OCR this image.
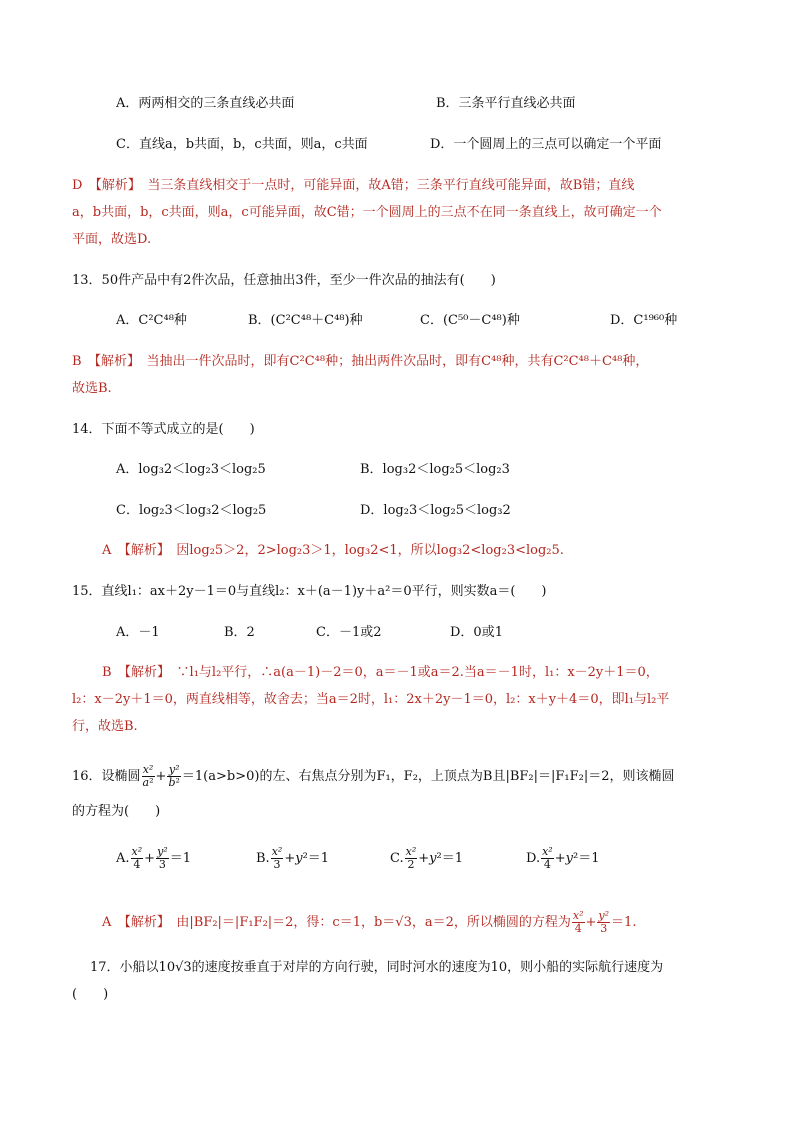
A．两两相交的三条直线必共面	B．三条平行直线必共面
C．直线a，b共面，b，c共面，则a，c共面	D．一个圆周上的三点可以确定一个平面
D　【解析】　当三条直线相交于一点时，可能异面，故A错；三条平行直线可能异面，故B错；直线
a，b共面，b，c共面，则a，c可能异面，故C错；一个圆周上的三点不在同一条直线上，故可确定一个
平面，故选D.
13．50件产品中有2件次品，任意抽出3件，至少一件次品的抽法有(　　)
A．C²C⁴⁸种	B．(C²C⁴⁸＋C⁴⁸)种	C．(C⁵⁰－C⁴⁸)种	D．C¹⁹⁶⁰种
B　【解析】　当抽出一件次品时，即有C²C⁴⁸种；抽出两件次品时，即有C⁴⁸种，共有C²C⁴⁸＋C⁴⁸种，
故选B.
14．下面不等式成立的是(　　)
A．log₃2＜log₂3＜log₂5	B．log₃2＜log₂5＜log₂3
C．log₂3＜log₃2＜log₂5	D．log₂3＜log₂5＜log₃2
A　【解析】　因log₂5＞2，2>log₂3＞1，log₃2<1，所以log₃2<log₂3<log₂5.
15．直线l₁：ax＋2y－1＝0与直线l₂：x＋(a－1)y＋a²＝0平行，则实数a＝(　　)
A．－1	B．2	C．－1或2	D．0或1
B　【解析】　∵l₁与l₂平行，∴a(a－1)－2＝0，a＝－1或a＝2.当a＝－1时，l₁：x－2y＋1＝0，
l₂：x－2y＋1＝0，两直线相等，故舍去；当a＝2时，l₁：2x＋2y－1＝0，l₂：x＋y＋4＝0，即l₁与l₂平
行，故选B.
16．设椭圆 $\frac{\text{x²}}{\text{a²}} + \frac{\text{y²}}{\text{b²}} =1(a>b>0)$的左、右焦点分别为F₁，F₂，上顶点为B且|BF₂|＝|F₁F₂|＝2，则该椭圆
的方程为(　　)
A. $\frac{\text{x²}}{4} + \frac{\text{y²}}{3} =1$	B. $\frac{\text{x²}}{3} +y^2=1$	C. $\frac{\text{x²}}{2} +y^2=1$	D. $\frac{\text{x²}}{4} +y^2=1$
A　【解析】　由|BF₂|＝|F₁F₂|＝2，得：c＝1，b＝√3，a＝2，所以椭圆的方程为 $\frac{\text{x²}}{4} + \frac{\text{y²}}{3} =1$.
17．小船以10√3的速度按垂直于对岸的方向行驶，同时河水的速度为10，则小船的实际航行速度为
(　　)
